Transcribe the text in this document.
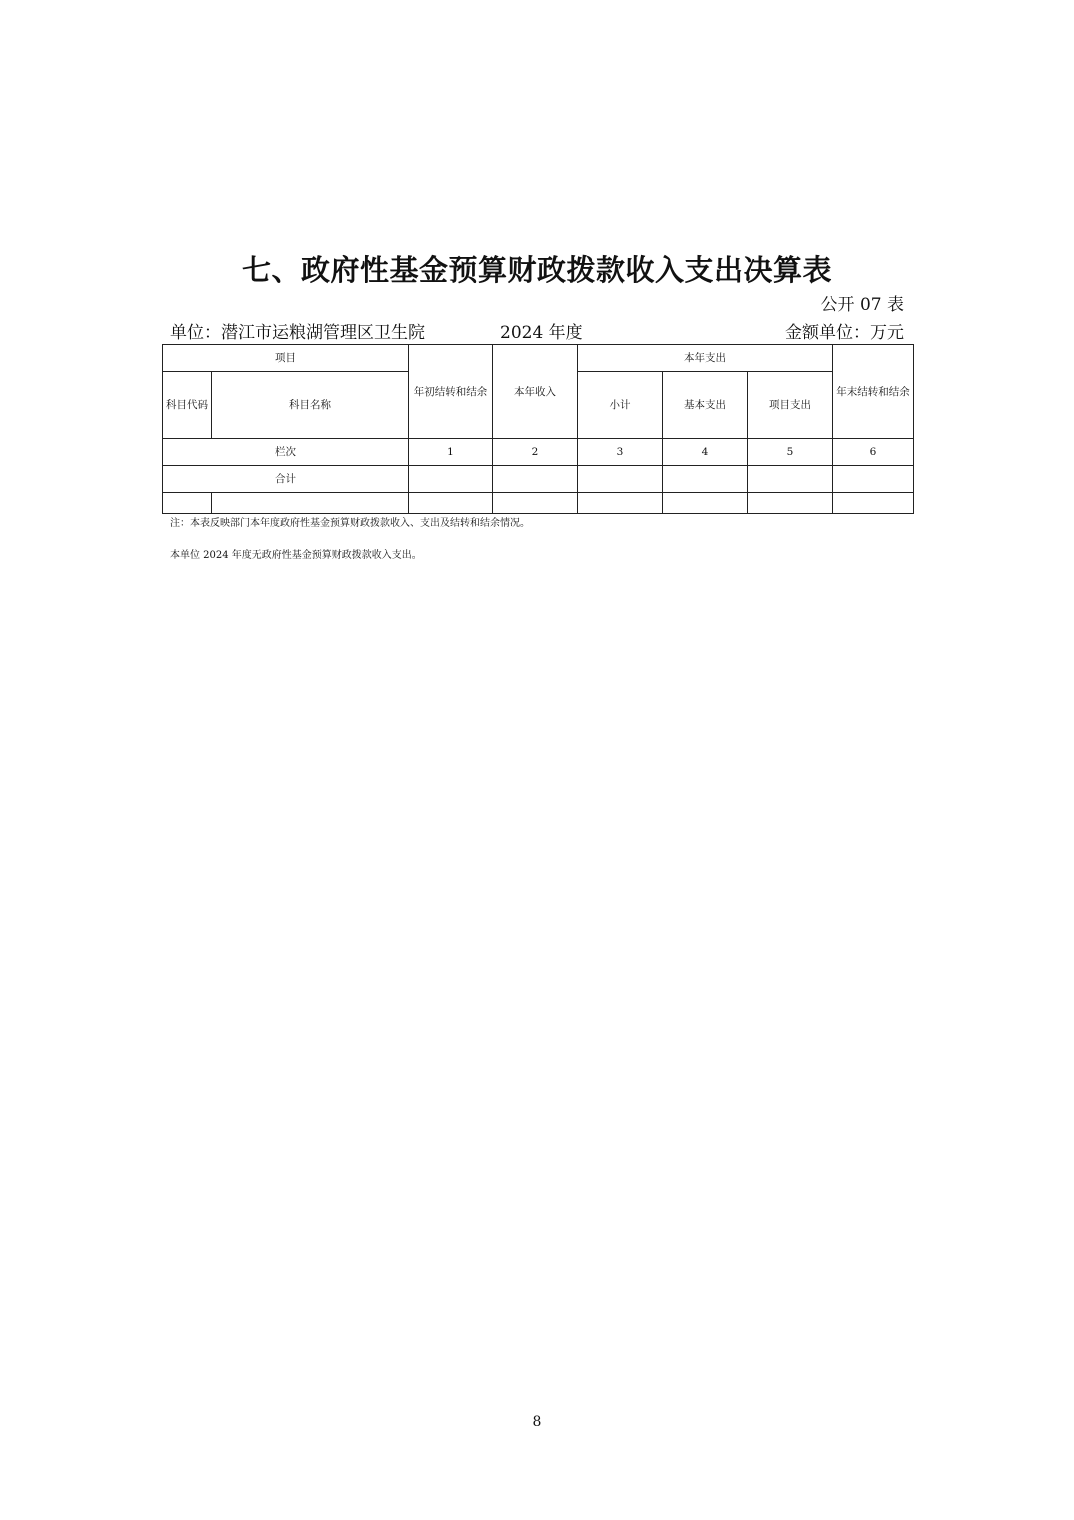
七、政府性基金预算财政拨款收入支出决算表
公开 07 表
单位：潜江市运粮湖管理区卫生院	2024 年度	金额单位：万元
项目		年初结转和结余	本年收入	本年支出			年末结转和结余
科目代码	科目名称			小计	基本支出	项目支出	
栏次		1	2	3	4	5	6
合计							

注：本表反映部门本年度政府性基金预算财政拨款收入、支出及结转和结余情况。
本单位 2024 年度无政府性基金预算财政拨款收入支出。
8
